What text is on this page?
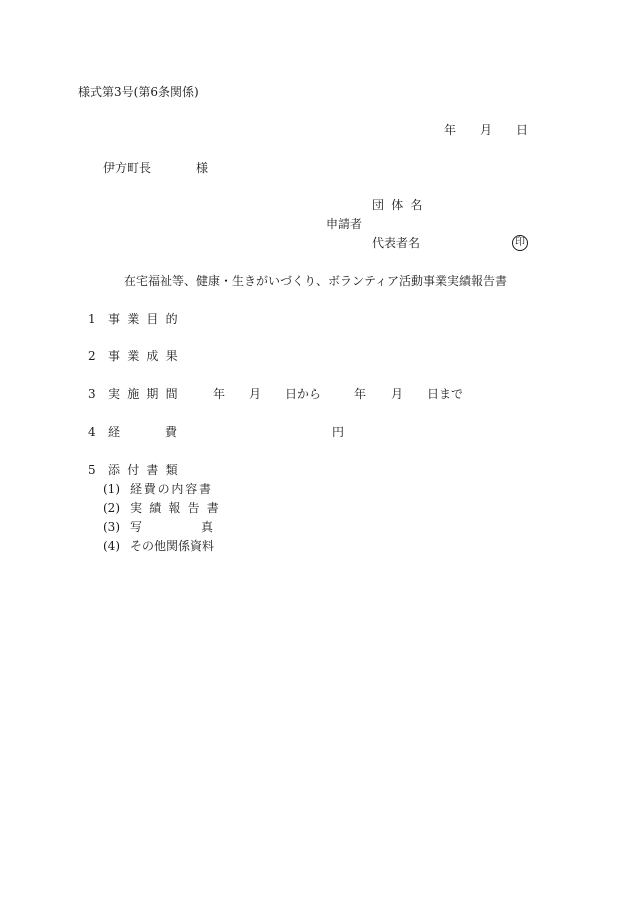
様式第3号(第6条関係)
年 月 日
伊方町長	様
団体名
申請者
代表者名	印
在宅福祉等、健康・生きがいづくり、ボランティア活動事業実績報告書
1 事業目的
2 事業成果
3 実施期間 年 月 日から	年 月 日まで
4 経	費	円
5 添付書類
(1) 経費の内容書
(2) 実績報告書
(3) 写	真
(4) その他関係資料
